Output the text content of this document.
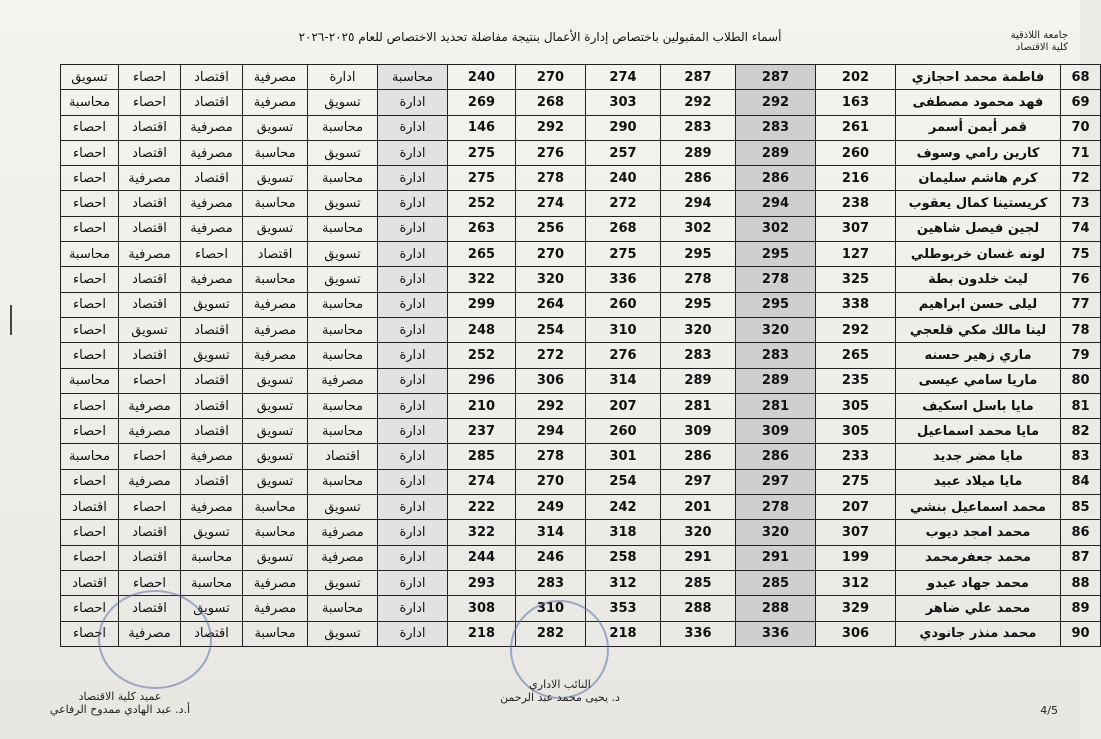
جامعة اللاذقية
كلية الاقتصاد
أسماء الطلاب المقبولين باختصاص إدارة الأعمال بنتيجة مفاضلة تحديد الاختصاص للعام ٢٠٢٥-٢٠٢٦
68	فاطمة محمد احجازي	202	287	287	274	270	240	محاسبة	ادارة	مصرفية	اقتصاد	احصاء	تسويق
69	فهد محمود مصطفى	163	292	292	303	268	269	ادارة	تسويق	مصرفية	اقتصاد	احصاء	محاسبة
70	قمر أيمن أسمر	261	283	283	290	292	146	ادارة	محاسبة	تسويق	مصرفية	اقتصاد	احصاء
71	كارين رامي وسوف	260	289	289	257	276	275	ادارة	تسويق	محاسبة	مصرفية	اقتصاد	احصاء
72	كرم هاشم سليمان	216	286	286	240	278	275	ادارة	محاسبة	تسويق	اقتصاد	مصرفية	احصاء
73	كريستينا كمال يعقوب	238	294	294	272	274	252	ادارة	تسويق	محاسبة	مصرفية	اقتصاد	احصاء
74	لجين فيصل شاهين	307	302	302	268	256	263	ادارة	محاسبة	تسويق	مصرفية	اقتصاد	احصاء
75	لونه غسان خربوطلي	127	295	295	275	270	265	ادارة	تسويق	اقتصاد	احصاء	مصرفية	محاسبة
76	ليث خلدون بطة	325	278	278	336	320	322	ادارة	تسويق	محاسبة	مصرفية	اقتصاد	احصاء
77	ليلى حسن ابراهيم	338	295	295	260	264	299	ادارة	محاسبة	مصرفية	تسويق	اقتصاد	احصاء
78	لينا مالك مكي قلعجي	292	320	320	310	254	248	ادارة	محاسبة	مصرفية	اقتصاد	تسويق	احصاء
79	ماري زهير حسنه	265	283	283	276	272	252	ادارة	محاسبة	مصرفية	تسويق	اقتصاد	احصاء
80	ماريا سامي عيسى	235	289	289	314	306	296	ادارة	مصرفية	تسويق	اقتصاد	احصاء	محاسبة
81	مايا باسل اسكيف	305	281	281	207	292	210	ادارة	محاسبة	تسويق	اقتصاد	مصرفية	احصاء
82	مايا محمد اسماعيل	305	309	309	260	294	237	ادارة	محاسبة	تسويق	اقتصاد	مصرفية	احصاء
83	مايا مضر جديد	233	286	286	301	278	285	ادارة	اقتصاد	تسويق	مصرفية	احصاء	محاسبة
84	مايا ميلاد عبيد	275	297	297	254	270	274	ادارة	محاسبة	تسويق	اقتصاد	مصرفية	احصاء
85	محمد اسماعيل بنشي	207	278	201	242	249	222	ادارة	تسويق	محاسبة	مصرفية	احصاء	اقتصاد
86	محمد امجد ديوب	307	320	320	318	314	322	ادارة	مصرفية	محاسبة	تسويق	اقتصاد	احصاء
87	محمد جعفرمحمد	199	291	291	258	246	244	ادارة	مصرفية	تسويق	محاسبة	اقتصاد	احصاء
88	محمد جهاد عيدو	312	285	285	312	283	293	ادارة	تسويق	مصرفية	محاسبة	احصاء	اقتصاد
89	محمد علي ضاهر	329	288	288	353	310	308	ادارة	محاسبة	مصرفية	تسويق	اقتصاد	احصاء
90	محمد منذر جانودي	306	336	336	218	282	218	ادارة	تسويق	محاسبة	اقتصاد	مصرفية	احصاء
عميد كلية الاقتصاد
أ.د. عبد الهادي ممدوح الرفاعي
النائب الاداري
د. يحيى محمد عبد الرحمن
4/5
